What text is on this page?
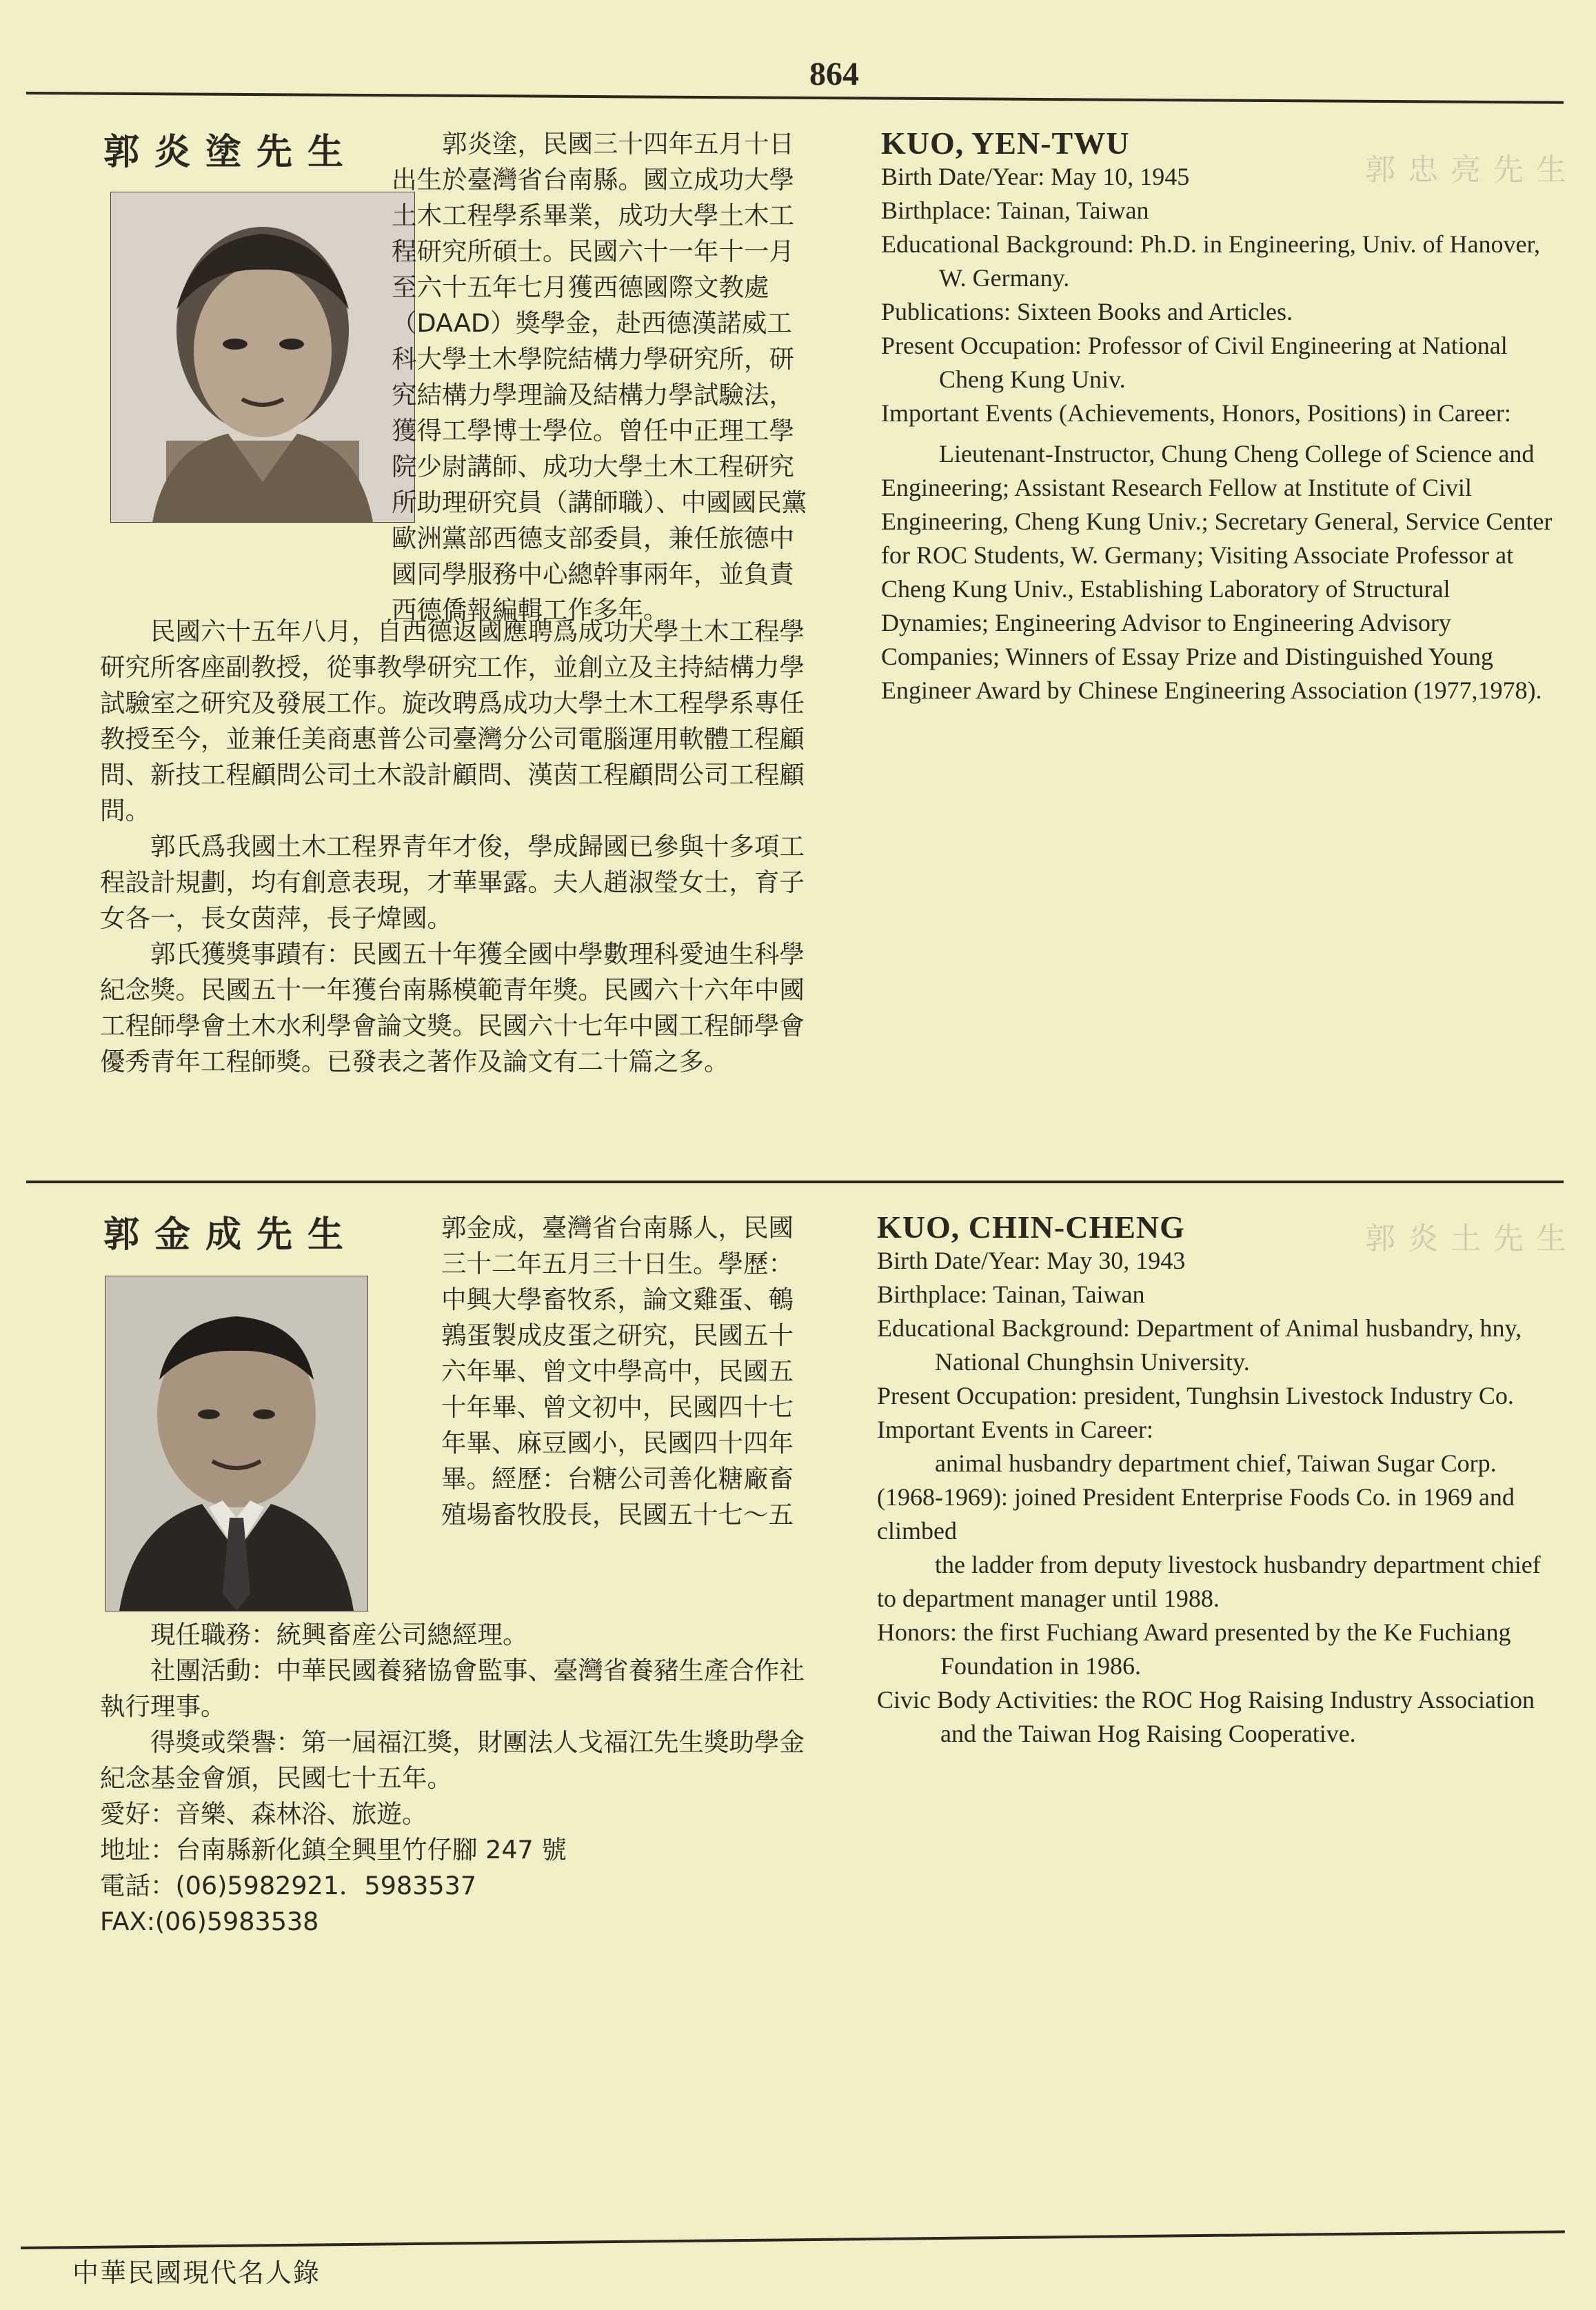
郭忠亮先生
郭炎土先生
864
郭炎塗先生	郭炎塗，民國三十四年五月十日出生於臺灣省台南縣。國立成功大學土木工程學系畢業，成功大學土木工程研究所碩士。民國六十一年十一月至六十五年七月獲西德國際文教處（DAAD）獎學金，赴西德漢諾威工科大學土木學院結構力學研究所，研究結構力學理論及結構力學試驗法，獲得工學博士學位。曾任中正理工學院少尉講師、成功大學土木工程研究所助理研究員（講師職）、中國國民黨歐洲黨部西德支部委員，兼任旅德中國同學服務中心總幹事兩年，並負責西德僑報編輯工作多年。

民國六十五年八月，自西德返國應聘爲成功大學土木工程學研究所客座副教授，從事教學研究工作，並創立及主持結構力學試驗室之研究及發展工作。旋改聘爲成功大學土木工程學系專任教授至今，並兼任美商惠普公司臺灣分公司電腦運用軟體工程顧問、新技工程顧問公司土木設計顧問、漢茵工程顧問公司工程顧問。

郭氏爲我國土木工程界青年才俊，學成歸國已參與十多項工程設計規劃，均有創意表現，才華畢露。夫人趙淑瑩女士，育子女各一，長女茵萍，長子煒國。

郭氏獲獎事蹟有：民國五十年獲全國中學數理科愛迪生科學紀念獎。民國五十一年獲台南縣模範青年獎。民國六十六年中國工程師學會土木水利學會論文獎。民國六十七年中國工程師學會優秀青年工程師獎。已發表之著作及論文有二十篇之多。

KUO, YEN-TWU
Birth Date/Year: May 10, 1945
Birthplace: Tainan, Taiwan
Educational Background: Ph.D. in Engineering, Univ. of Hanover, W. Germany.
Publications: Sixteen Books and Articles.
Present Occupation: Professor of Civil Engineering at National Cheng Kung Univ.
Important Events (Achievements, Honors, Positions) in Career:
Lieutenant-Instructor, Chung Cheng College of Science and Engineering; Assistant Research Fellow at Institute of Civil Engineering, Cheng Kung Univ.; Secretary General, Service Center for ROC Students, W. Germany; Visiting Associate Professor at Cheng Kung Univ., Establishing Laboratory of Structural Dynamies; Engineering Advisor to Engineering Advisory Companies; Winners of Essay Prize and Distinguished Young Engineer Award by Chinese Engineering Association (1977,1978).
郭金成先生	郭金成，臺灣省台南縣人，民國三十二年五月三十日生。學歷：中興大學畜牧系，論文雞蛋、鵪鶉蛋製成皮蛋之研究，民國五十六年畢、曾文中學高中，民國五十年畢、曾文初中，民國四十七年畢、麻豆國小，民國四十四年畢。經歷：台糖公司善化糖廠畜殖場畜牧股長，民國五十七～五

現任職務：統興畜産公司總經理。

社團活動：中華民國養豬協會監事、臺灣省養豬生產合作社執行理事。

得獎或榮譽：第一屆福江獎，財團法人戈福江先生獎助學金紀念基金會頒，民國七十五年。

愛好：音樂、森林浴、旅遊。

地址：台南縣新化鎮全興里竹仔腳 247 號

電話：(06)5982921．5983537

FAX:(06)5983538

KUO, CHIN-CHENG
Birth Date/Year: May 30, 1943
Birthplace: Tainan, Taiwan
Educational Background: Department of Animal husbandry, hny, National Chunghsin University.
Present Occupation: president, Tunghsin Livestock Industry Co.
Important Events in Career:
animal husbandry department chief, Taiwan Sugar Corp. (1968-1969): joined President Enterprise Foods Co. in 1969 and climbed
the ladder from deputy livestock husbandry department chief to department manager until 1988.
Honors: the first Fuchiang Award presented by the Ke Fuchiang Foundation in 1986.
Civic Body Activities: the ROC Hog Raising Industry Association and the Taiwan Hog Raising Cooperative.
中華民國現代名人錄
